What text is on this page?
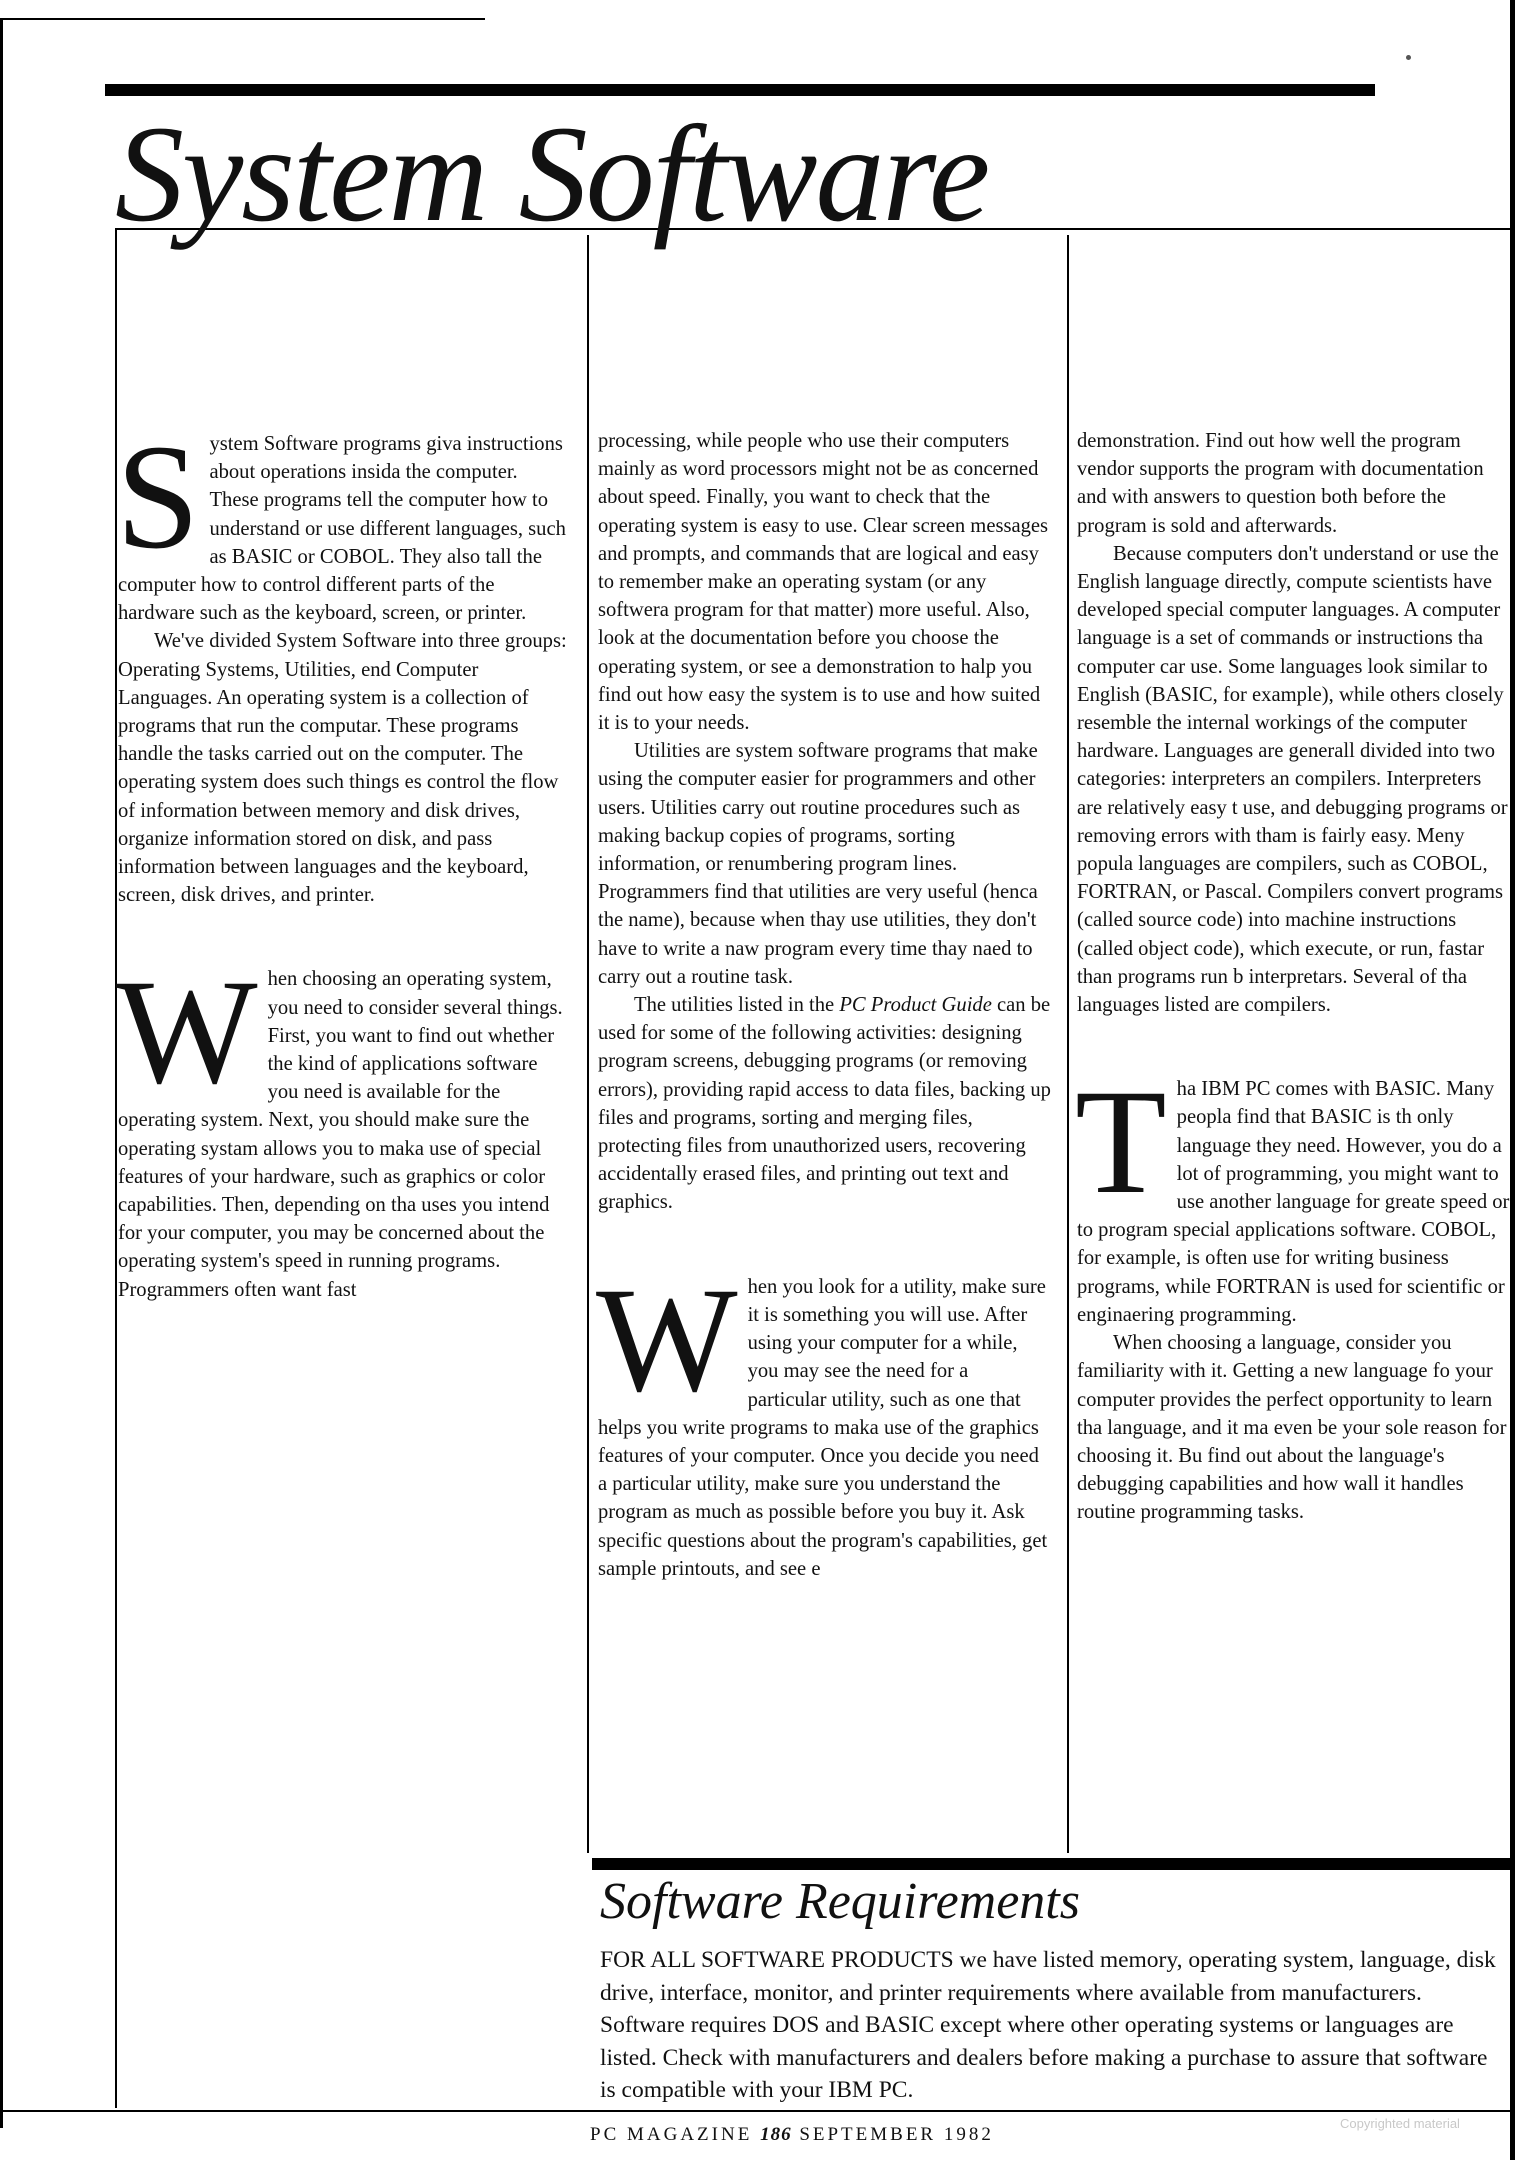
System Software

System Software programs giva instructions about operations insida the computer. These programs tell the computer how to understand or use different languages, such as BASIC or COBOL. They also tall the computer how to control different parts of the hardware such as the keyboard, screen, or printer.

We've divided System Software into three groups: Operating Systems, Utilities, end Computer Languages. An operating system is a collection of programs that run the computar. These programs handle the tasks carried out on the computer. The operating system does such things es control the flow of information between memory and disk drives, organize information stored on disk, and pass information between languages and the keyboard, screen, disk drives, and printer.

When choosing an operating system, you need to consider several things. First, you want to find out whether the kind of applications software you need is available for the operating system. Next, you should make sure the operating systam allows you to maka use of special features of your hardware, such as graphics or color capabilities. Then, depending on tha uses you intend for your computer, you may be concerned about the operating system's speed in running programs. Programmers often want fast

processing, while people who use their computers mainly as word processors might not be as concerned about speed. Finally, you want to check that the operating system is easy to use. Clear screen messages and prompts, and commands that are logical and easy to remember make an operating systam (or any softwera program for that matter) more useful. Also, look at the documentation before you choose the operating system, or see a demonstration to halp you find out how easy the system is to use and how suited it is to your needs.

Utilities are system software programs that make using the computer easier for programmers and other users. Utilities carry out routine procedures such as making backup copies of programs, sorting information, or renumbering program lines. Programmers find that utilities are very useful (henca the name), because when thay use utilities, they don't have to write a naw program every time thay naed to carry out a routine task.

The utilities listed in the PC Product Guide can be used for some of the following activities: designing program screens, debugging programs (or removing errors), providing rapid access to data files, backing up files and programs, sorting and merging files, protecting files from unauthorized users, recovering accidentally erased files, and printing out text and graphics.

When you look for a utility, make sure it is something you will use. After using your computer for a while, you may see the need for a particular utility, such as one that helps you write programs to maka use of the graphics features of your computer. Once you decide you need a particular utility, make sure you understand the program as much as possible before you buy it. Ask specific questions about the program's capabilities, get sample printouts, and see e

demonstration. Find out how well the program vendor supports the program with documentation and with answers to question both before the program is sold and afterwards.

Because computers don't understand or use the English language directly, compute scientists have developed special computer languages. A computer language is a set of commands or instructions tha computer car use. Some languages look similar to English (BASIC, for example), while others closely resemble the internal workings of the computer hardware. Languages are generall divided into two categories: interpreters an compilers. Interpreters are relatively easy t use, and debugging programs or removing errors with tham is fairly easy. Meny popula languages are compilers, such as COBOL, FORTRAN, or Pascal. Compilers convert programs (called source code) into machine instructions (called object code), which execute, or run, fastar than programs run b interpretars. Several of tha languages listed are compilers.

Tha IBM PC comes with BASIC. Many peopla find that BASIC is th only language they need. However, you do a lot of programming, you might want to use another language for greate speed or to program special applications software. COBOL, for example, is often use for writing business programs, while FORTRAN is used for scientific or enginaering programming.

When choosing a language, consider you familiarity with it. Getting a new language fo your computer provides the perfect opportunity to learn tha language, and it ma even be your sole reason for choosing it. Bu find out about the language's debugging capabilities and how wall it handles routine programming tasks.

Software Requirements
FOR ALL SOFTWARE PRODUCTS we have listed memory, operating system, language, disk drive, interface, monitor, and printer requirements where available from manufacturers. Software requires DOS and BASIC except where other operating systems or languages are listed. Check with manufacturers and dealers before making a purchase to assure that software is compatible with your IBM PC.
PC MAGAZINE 186 SEPTEMBER 1982
Copyrighted material
